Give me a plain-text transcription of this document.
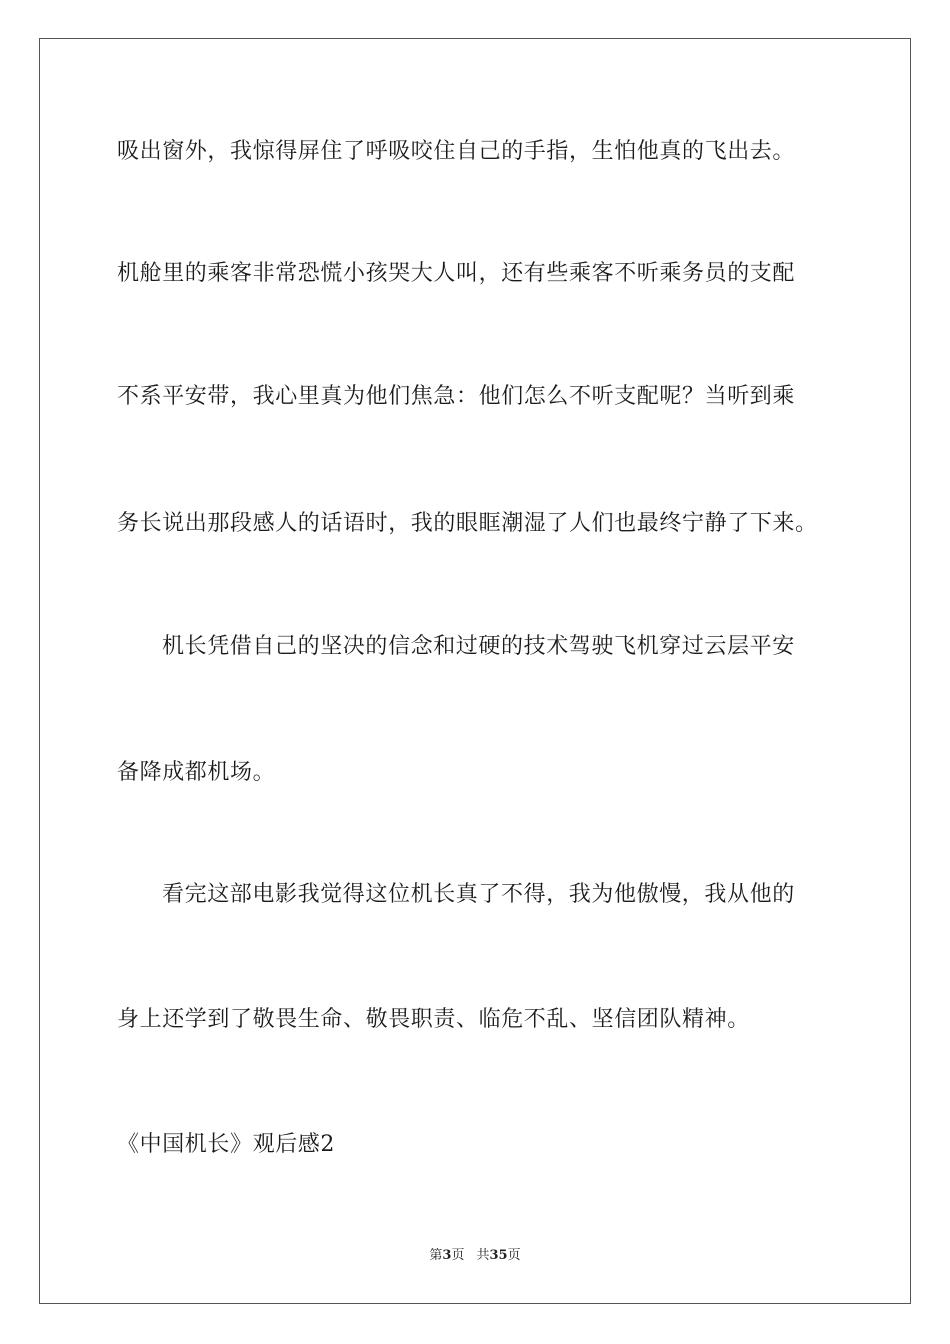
吸出窗外，我惊得屏住了呼吸咬住自己的手指，生怕他真的飞出去。
机舱里的乘客非常恐慌小孩哭大人叫，还有些乘客不听乘务员的支配
不系平安带，我心里真为他们焦急：他们怎么不听支配呢？当听到乘
务长说出那段感人的话语时，我的眼眶潮湿了人们也最终宁静了下来。
机长凭借自己的坚决的信念和过硬的技术驾驶飞机穿过云层平安
备降成都机场。
看完这部电影我觉得这位机长真了不得，我为他傲慢，我从他的
身上还学到了敬畏生命、敬畏职责、临危不乱、坚信团队精神。
《中国机长》观后感2
第3页 共35页
